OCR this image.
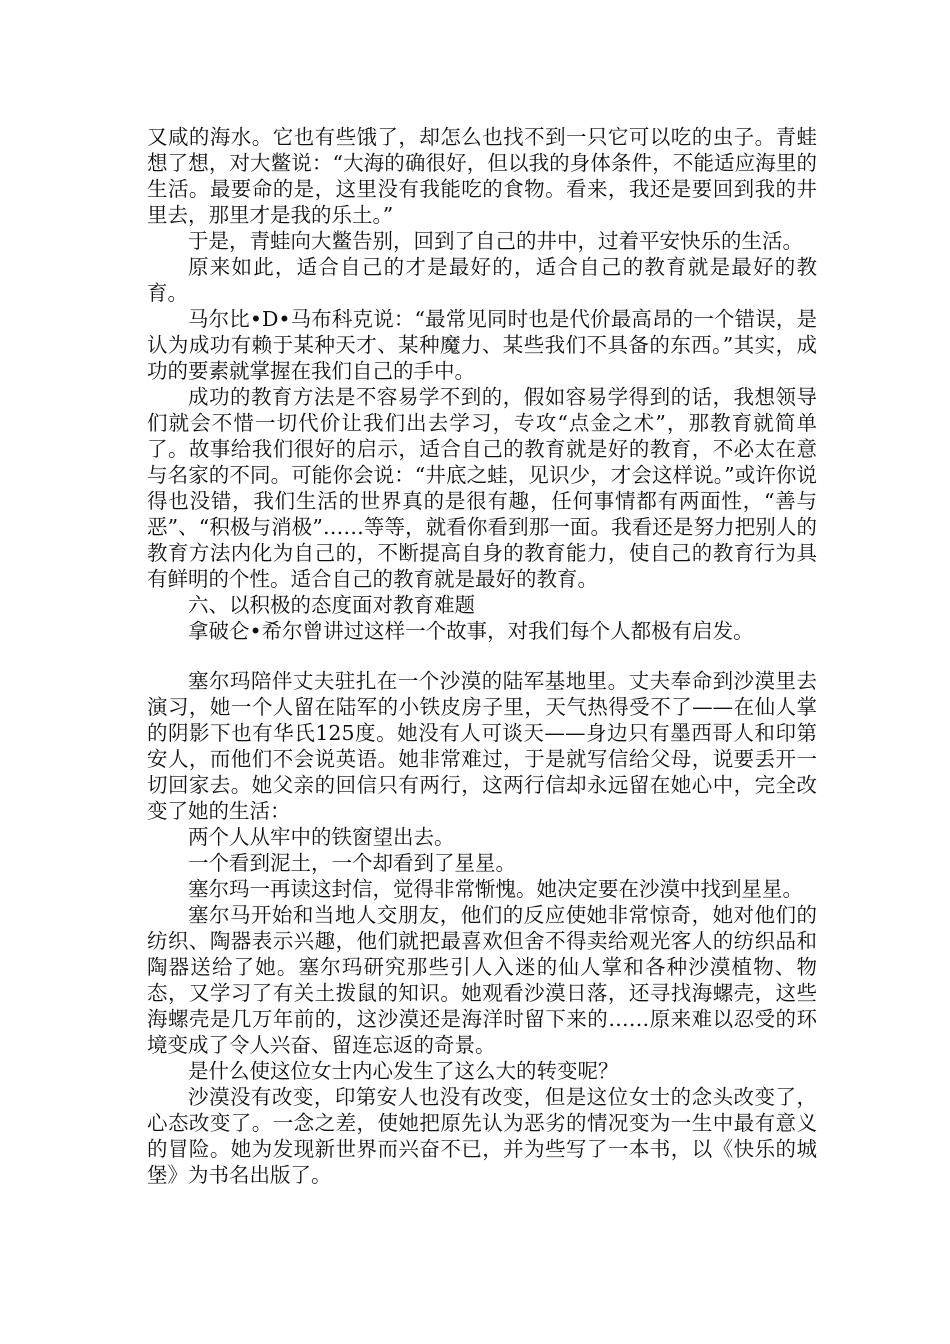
又咸的海水。它也有些饿了，却怎么也找不到一只它可以吃的虫子。青蛙想了想，对大鳖说：“大海的确很好，但以我的身体条件，不能适应海里的生活。最要命的是，这里没有我能吃的食物。看来，我还是要回到我的井里去，那里才是我的乐土。”

于是，青蛙向大鳖告别，回到了自己的井中，过着平安快乐的生活。

原来如此，适合自己的才是最好的，适合自己的教育就是最好的教育。

马尔比•D•马布科克说：“最常见同时也是代价最高昂的一个错误，是认为成功有赖于某种天才、某种魔力、某些我们不具备的东西。”其实，成功的要素就掌握在我们自己的手中。

成功的教育方法是不容易学不到的，假如容易学得到的话，我想领导们就会不惜一切代价让我们出去学习，专攻“点金之术”，那教育就简单了。故事给我们很好的启示，适合自己的教育就是好的教育，不必太在意与名家的不同。可能你会说：“井底之蛙，见识少，才会这样说。”或许你说得也没错，我们生活的世界真的是很有趣，任何事情都有两面性，“善与恶”、“积极与消极”……等等，就看你看到那一面。我看还是努力把别人的教育方法内化为自己的，不断提高自身的教育能力，使自己的教育行为具有鲜明的个性。适合自己的教育就是最好的教育。

六、以积极的态度面对教育难题

拿破仑•希尔曾讲过这样一个故事，对我们每个人都极有启发。

塞尔玛陪伴丈夫驻扎在一个沙漠的陆军基地里。丈夫奉命到沙漠里去演习，她一个人留在陆军的小铁皮房子里，天气热得受不了——在仙人掌的阴影下也有华氏125度。她没有人可谈天——身边只有墨西哥人和印第安人，而他们不会说英语。她非常难过，于是就写信给父母，说要丢开一切回家去。她父亲的回信只有两行，这两行信却永远留在她心中，完全改变了她的生活：

两个人从牢中的铁窗望出去。

一个看到泥土，一个却看到了星星。

塞尔玛一再读这封信，觉得非常惭愧。她决定要在沙漠中找到星星。

塞尔马开始和当地人交朋友，他们的反应使她非常惊奇，她对他们的纺织、陶器表示兴趣，他们就把最喜欢但舍不得卖给观光客人的纺织品和陶器送给了她。塞尔玛研究那些引人入迷的仙人掌和各种沙漠植物、物态，又学习了有关土拨鼠的知识。她观看沙漠日落，还寻找海螺壳，这些海螺壳是几万年前的，这沙漠还是海洋时留下来的……原来难以忍受的环境变成了令人兴奋、留连忘返的奇景。

是什么使这位女士内心发生了这么大的转变呢？

沙漠没有改变，印第安人也没有改变，但是这位女士的念头改变了，心态改变了。一念之差，使她把原先认为恶劣的情况变为一生中最有意义的冒险。她为发现新世界而兴奋不已，并为些写了一本书，以《快乐的城堡》为书名出版了。
